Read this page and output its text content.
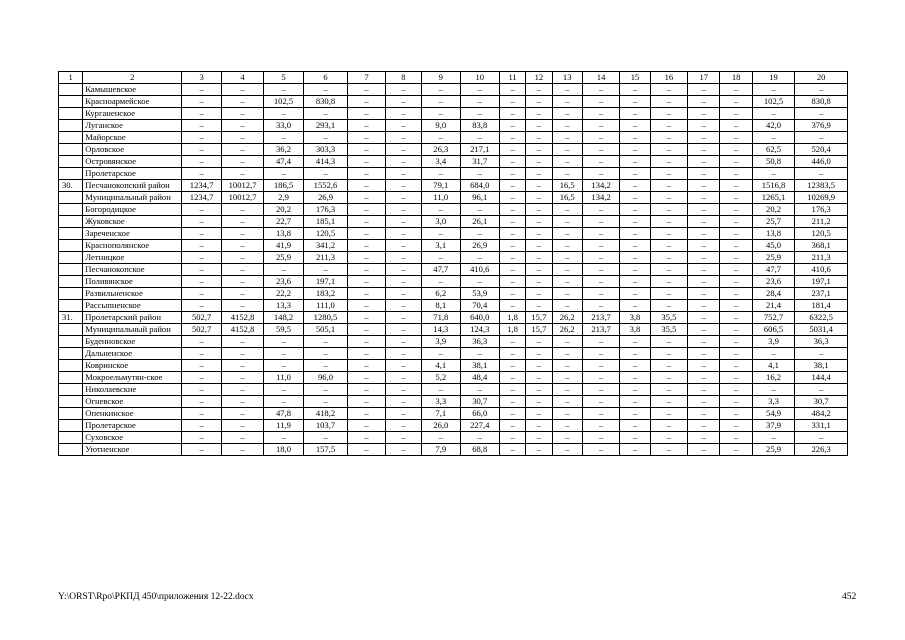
1	2	3	4	5	6	7	8	9	10	11	12	13	14	15	16	17	18	19	20
	Камышевское	–	–	–	–	–	–	–	–	–	–	–	–	–	–	–	–	–	–
	Красноармейское	–	–	102,5	830,8	–	–	–	–	–	–	–	–	–	–	–	–	102,5	830,8
	Курганенское	–	–	–	–	–	–	–	–	–	–	–	–	–	–	–	–	–	–
	Луганское	–	–	33,0	293,1	–	–	9,0	83,8	–	–	–	–	–	–	–	–	42,0	376,9
	Майорское	–	–	–	–	–	–	–	–	–	–	–	–	–	–	–	–	–	–
	Орловское	–	–	36,2	303,3	–	–	26,3	217,1	–	–	–	–	–	–	–	–	62,5	520,4
	Островянское	–	–	47,4	414,3	–	–	3,4	31,7	–	–	–	–	–	–	–	–	50,8	446,0
	Пролетарское	–	–	–	–	–	–	–	–	–	–	–	–	–	–	–	–	–	–
30.	Песчанокопский район	1234,7	10012,7	186,5	1552,6	–	–	79,1	684,0	–	–	16,5	134,2	–	–	–	–	1516,8	12383,5
	Муниципальный район	1234,7	10012,7	2,9	26,9	–	–	11,0	96,1	–	–	16,5	134,2	–	–	–	–	1265,1	10269,9
	Богородицкое	–	–	20,2	176,3	–	–	–	–	–	–	–	–	–	–	–	–	20,2	176,3
	Жуковское	–	–	22,7	185,1	–	–	3,0	26,1	–	–	–	–	–	–	–	–	25,7	211,2
	Зареченское	–	–	13,8	120,5	–	–	–	–	–	–	–	–	–	–	–	–	13,8	120,5
	Краснополянское	–	–	41,9	341,2	–	–	3,1	26,9	–	–	–	–	–	–	–	–	45,0	368,1
	Летницкое	–	–	25,9	211,3	–	–	–	–	–	–	–	–	–	–	–	–	25,9	211,3
	Песчанокопское	–	–	–	–	–	–	47,7	410,6	–	–	–	–	–	–	–	–	47,7	410,6
	Поливянское	–	–	23,6	197,1	–	–	–	–	–	–	–	–	–	–	–	–	23,6	197,1
	Развильненское	–	–	22,2	183,2	–	–	6,2	53,9	–	–	–	–	–	–	–	–	28,4	237,1
	Рассыпненское	–	–	13,3	111,0	–	–	8,1	70,4	–	–	–	–	–	–	–	–	21,4	181,4
31.	Пролетарский район	502,7	4152,8	148,2	1280,5	–	–	71,8	640,0	1,8	15,7	26,2	213,7	3,8	35,5	–	–	752,7	6322,5
	Муниципальный район	502,7	4152,8	59,5	505,1	–	–	14,3	124,3	1,8	15,7	26,2	213,7	3,8	35,5	–	–	606,5	5031,4
	Буденновское	–	–	–	–	–	–	3,9	36,3	–	–	–	–	–	–	–	–	3,9	36,3
	Дальненское	–	–	–	–	–	–	–	–	–	–	–	–	–	–	–	–	–	–
	Ковринское	–	–	–	–	–	–	4,1	38,1	–	–	–	–	–	–	–	–	4,1	38,1
	Мокроельмутян-ское	–	–	11,0	96,0	–	–	5,2	48,4	–	–	–	–	–	–	–	–	16,2	144,4
	Николаевские	–	–	–	–	–	–	–	–	–	–	–	–	–	–	–	–	–	–
	Огневское	–	–	–	–	–	–	3,3	30,7	–	–	–	–	–	–	–	–	3,3	30,7
	Опенкинское	–	–	47,8	418,2	–	–	7,1	66,0	–	–	–	–	–	–	–	–	54,9	484,2
	Пролетарское	–	–	11,9	103,7	–	–	26,0	227,4	–	–	–	–	–	–	–	–	37,9	331,1
	Суховское	–	–	–	–	–	–	–	–	–	–	–	–	–	–	–	–	–	–
	Уютненское	–	–	18,0	157,5	–	–	7,9	68,8	–	–	–	–	–	–	–	–	25,9	226,3
Y:\ORST\Rpo\РКПД 450\приложения 12-22.docx	452
